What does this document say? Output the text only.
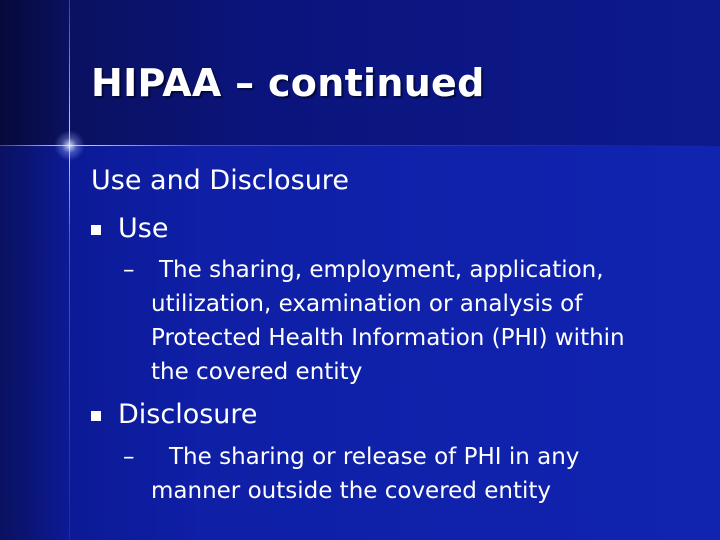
HIPAA – continued
Use and Disclosure
Use
– The sharing, employment, application,
utilization, examination or analysis of
Protected Health Information (PHI) within
the covered entity
Disclosure
– The sharing or release of PHI in any
manner outside the covered entity
